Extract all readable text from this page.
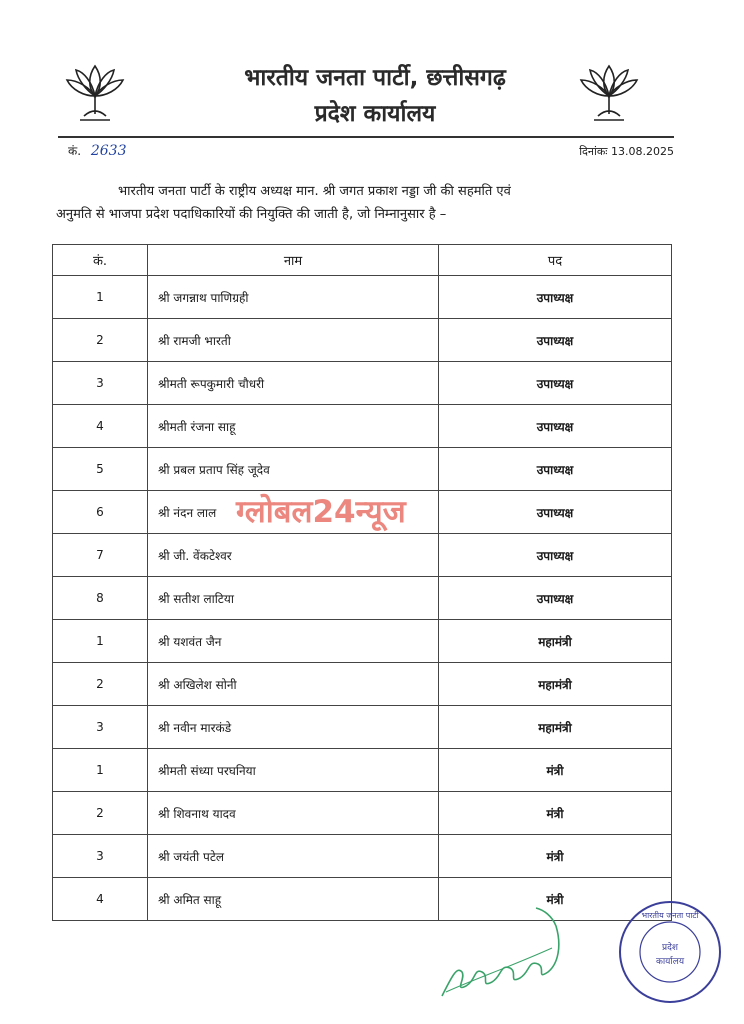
भारतीय जनता पार्टी, छत्तीसगढ़
प्रदेश कार्यालय
कं. 2633	दिनांकः 13.08.2025
भारतीय जनता पार्टी के राष्ट्रीय अध्यक्ष मान. श्री जगत प्रकाश नड्डा जी की सहमति एवं
अनुमति से भाजपा प्रदेश पदाधिकारियों की नियुक्ति की जाती है, जो निम्नानुसार है –
कं.	नाम	पद
1	श्री जगन्नाथ पाणिग्रही	उपाध्यक्ष
2	श्री रामजी भारती	उपाध्यक्ष
3	श्रीमती रूपकुमारी चौधरी	उपाध्यक्ष
4	श्रीमती रंजना साहू	उपाध्यक्ष
5	श्री प्रबल प्रताप सिंह जूदेव	उपाध्यक्ष
6	श्री नंदन लाल	उपाध्यक्ष
7	श्री जी. वेंकटेश्वर	उपाध्यक्ष
8	श्री सतीश लाटिया	उपाध्यक्ष
1	श्री यशवंत जैन	महामंत्री
2	श्री अखिलेश सोनी	महामंत्री
3	श्री नवीन मारकंडे	महामंत्री
1	श्रीमती संध्या परघनिया	मंत्री
2	श्री शिवनाथ यादव	मंत्री
3	श्री जयंती पटेल	मंत्री
4	श्री अमित साहू	मंत्री
ग्लोबल24न्यूज
भारतीय जनता पार्टी
प्रदेश
कार्यालय
